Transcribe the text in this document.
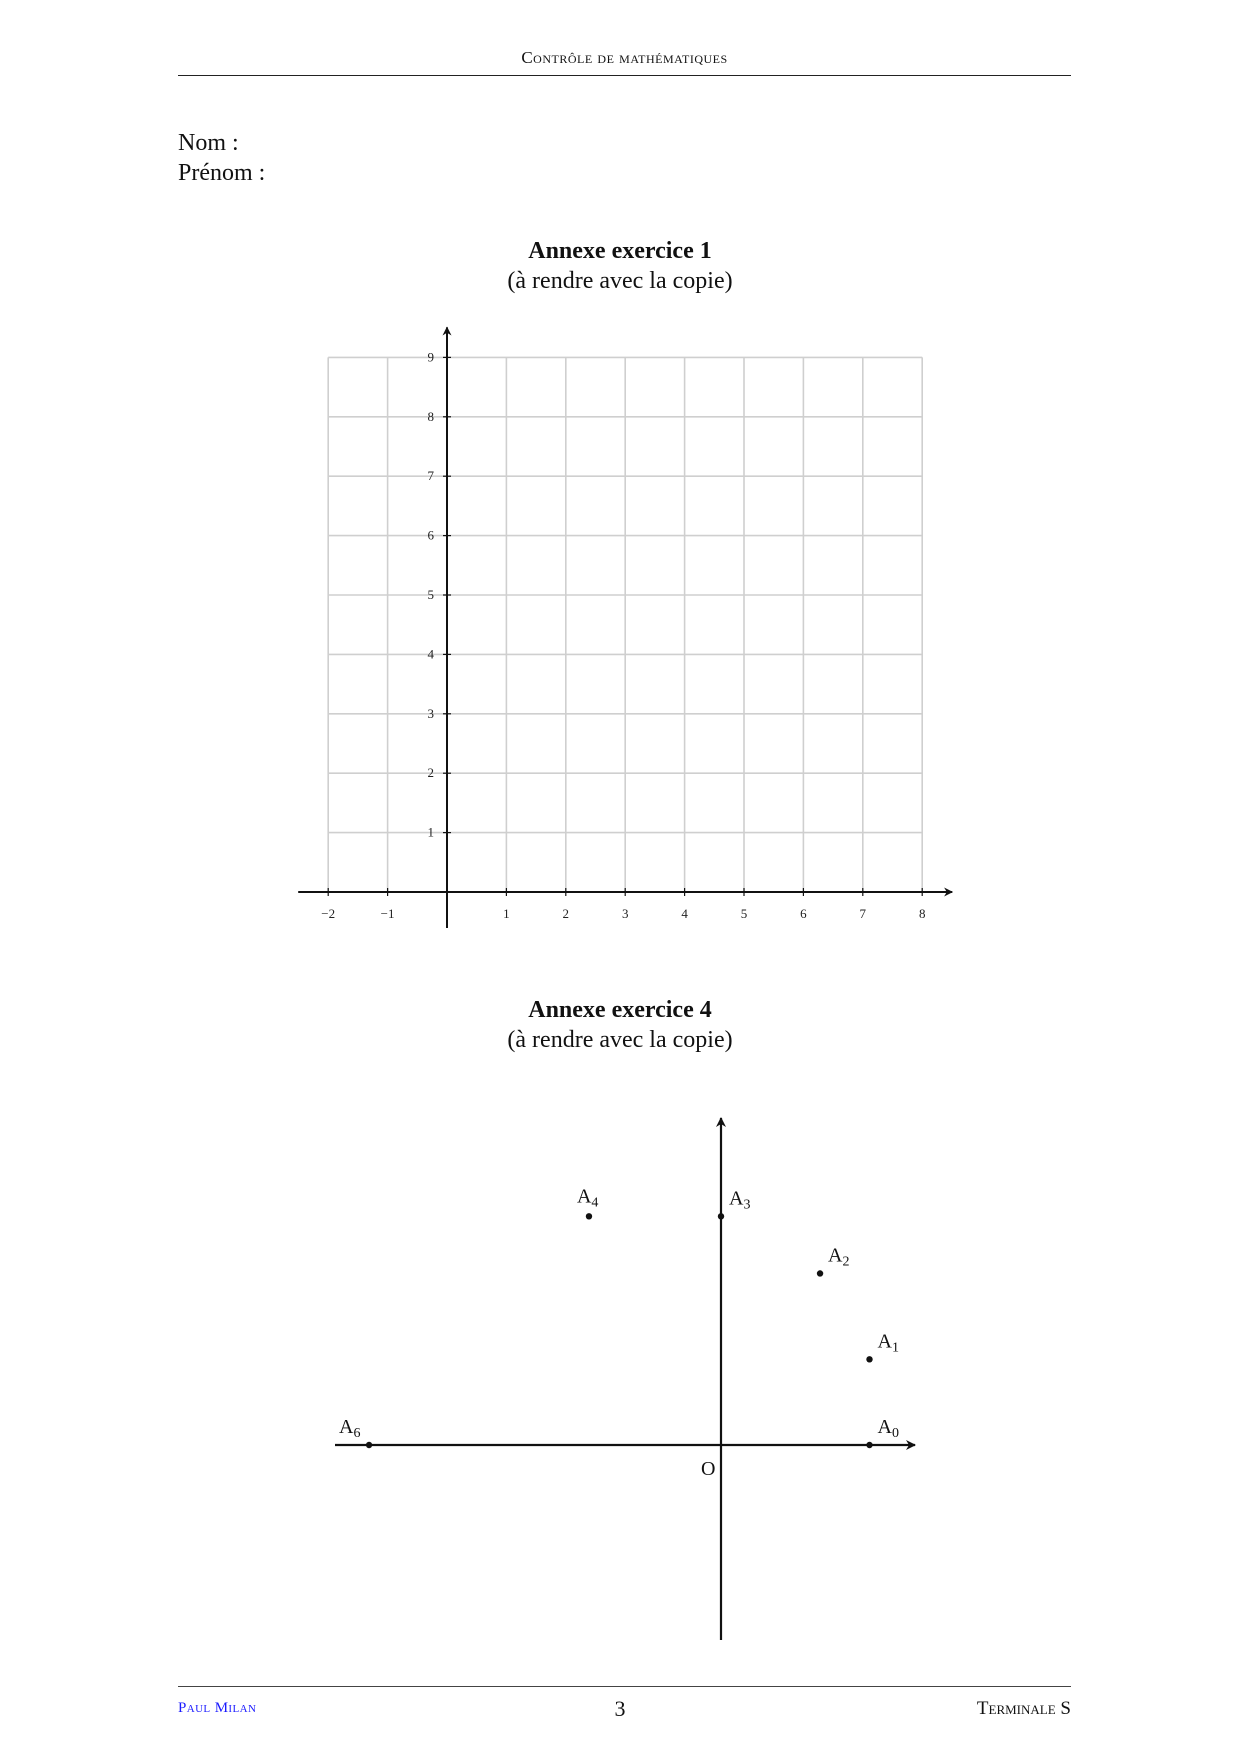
Contrôle de mathématiques
Nom :
Prénom :
Annexe exercice 1
(à rendre avec la copie)
−2	−1	1	2	3	4	5	6	7	8
1
2
3
4
5
6
7
8
9
Annexe exercice 4
(à rendre avec la copie)
O
$A_0$
$A_1$
$A_2$
$A_3$
$A_4$
$A_6$
Paul Milan	3	Terminale S
